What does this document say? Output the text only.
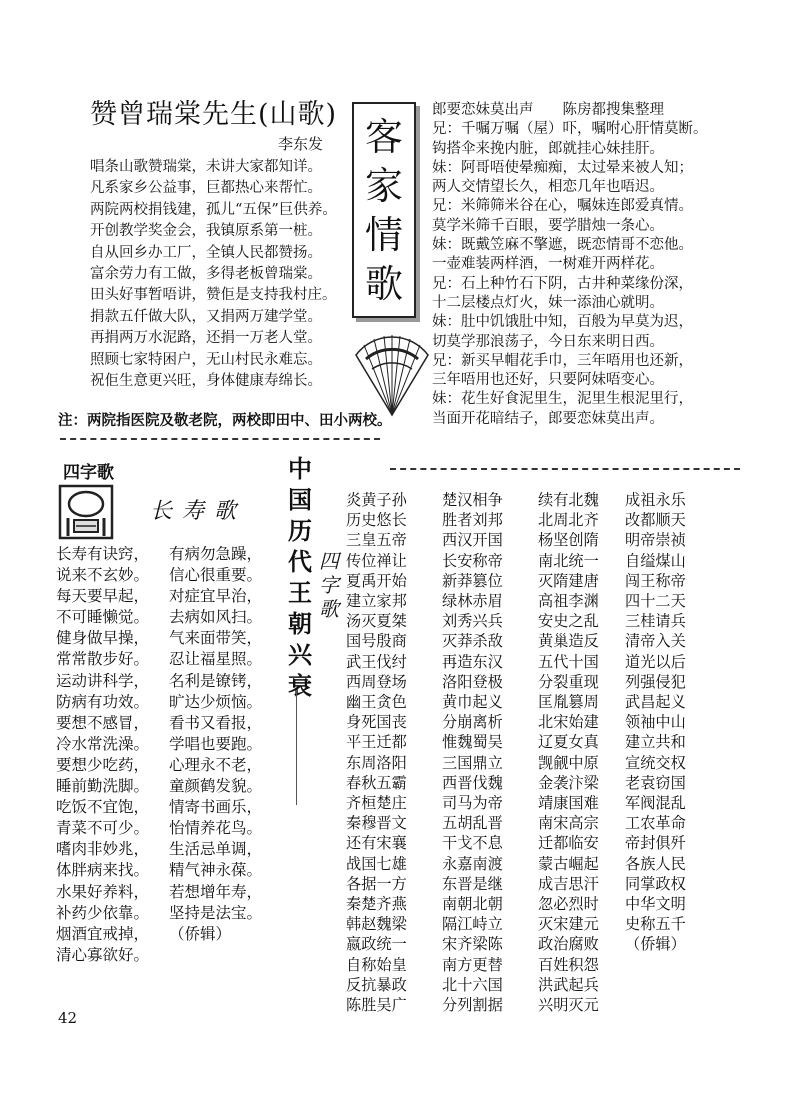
赞曾瑞棠先生(山歌)
李东发
唱条山歌赞瑞棠，未讲大家都知详。
凡系家乡公益事，巨都热心来帮忙。
两院两校捐钱建，孤儿“五保”巨供养。
开创教学奖金会，我镇原系第一桩。
自从回乡办工厂，全镇人民都赞扬。
富余劳力有工做，多得老板曾瑞棠。
田头好事暂唔讲，赞佢是支持我村庄。
捐款五仟做大队，又捐两万建学堂。
再捐两万水泥路，还捐一万老人堂。
照顾七家特困户，无山村民永难忘。
祝佢生意更兴旺，身体健康寿绵长。
注：两院指医院及敬老院，两校即田中、田小两校。
客
家
情
歌
郎要恋妹莫出声　　陈房都搜集整理
兄：千嘱万嘱（屋）吓，嘱咐心肝情莫断。
钩搭伞来挽内脏，郎就挂心妹挂肝。
妹：阿哥唔使晕痴痴，太过晕来被人知；
两人交情望长久，相恋几年也唔迟。
兄：米筛筛米谷在心，嘱妹连郎爱真情。
莫学米筛千百眼，要学腊烛一条心。
妹：既戴笠麻不擎遮，既恋情哥不恋他。
一壶难装两样酒，一树难开两样花。
兄：石上种竹石下阴，古井种菜缘份深，
十二层楼点灯火，妹一添油心就明。
妹：肚中饥饿肚中知，百般为早莫为迟，
切莫学那浪荡子，今日东来明日西。
兄：新买早帽花手巾，三年唔用也还新，
三年唔用也还好，只要阿妹唔变心。
妹：花生好食泥里生，泥里生根泥里行，
当面开花暗结子，郎要恋妹莫出声。
四字歌
长寿歌
长寿有诀窍，
说来不玄妙。
每天要早起，
不可睡懒觉。
健身做早操，
常常散步好。
运动讲科学，
防病有功效。
要想不感冒，
冷水常洗澡。
要想少吃药，
睡前勤洗脚。
吃饭不宜饱，
青菜不可少。
嗜肉非妙兆，
体胖病来找。
水果好养料，
补药少依靠。
烟酒宜戒掉，
清心寡欲好。
有病勿急躁，
信心很重要。
对症宜早治，
去病如风扫。
气来面带笑，
忍让福星照。
名利是镣铐，
旷达少烦恼。
看书又看报，
学唱也要跑。
心理永不老，
童颜鹤发貌。
情寄书画乐，
怡情养花鸟。
生活忌单调，
精气神永葆。
若想增年寿，
坚持是法宝。
（侨辑）
中
国
历
代
王
朝
兴
衰
四
字
歌
炎黄子孙
历史悠长
三皇五帝
传位禅让
夏禹开始
建立家邦
汤灭夏桀
国号殷商
武王伐纣
西周登场
幽王贪色
身死国丧
平王迁都
东周洛阳
春秋五霸
齐桓楚庄
秦穆晋文
还有宋襄
战国七雄
各据一方
秦楚齐燕
韩赵魏梁
嬴政统一
自称始皇
反抗暴政
陈胜吴广
楚汉相争
胜者刘邦
西汉开国
长安称帝
新莽篡位
绿林赤眉
刘秀兴兵
灭莽杀敌
再造东汉
洛阳登极
黄巾起义
分崩离析
惟魏蜀吴
三国鼎立
西晋伐魏
司马为帝
五胡乱晋
干戈不息
永嘉南渡
东晋是继
南朝北朝
隔江峙立
宋齐梁陈
南方更替
北十六国
分列割据
续有北魏
北周北齐
杨坚创隋
南北统一
灭隋建唐
高祖李渊
安史之乱
黄巢造反
五代十国
分裂重现
匡胤篡周
北宋始建
辽夏女真
觊觎中原
金袭汴梁
靖康国难
南宋高宗
迁都临安
蒙古崛起
成吉思汗
忽必烈时
灭宋建元
政治腐败
百姓积怨
洪武起兵
兴明灭元
成祖永乐
改都顺天
明帝崇祯
自缢煤山
闯王称帝
四十二天
三桂请兵
清帝入关
道光以后
列强侵犯
武昌起义
领袖中山
建立共和
宣统交权
老袁窃国
军阀混乱
工农革命
帝封俱歼
各族人民
同掌政权
中华文明
史称五千
（侨辑）
42
